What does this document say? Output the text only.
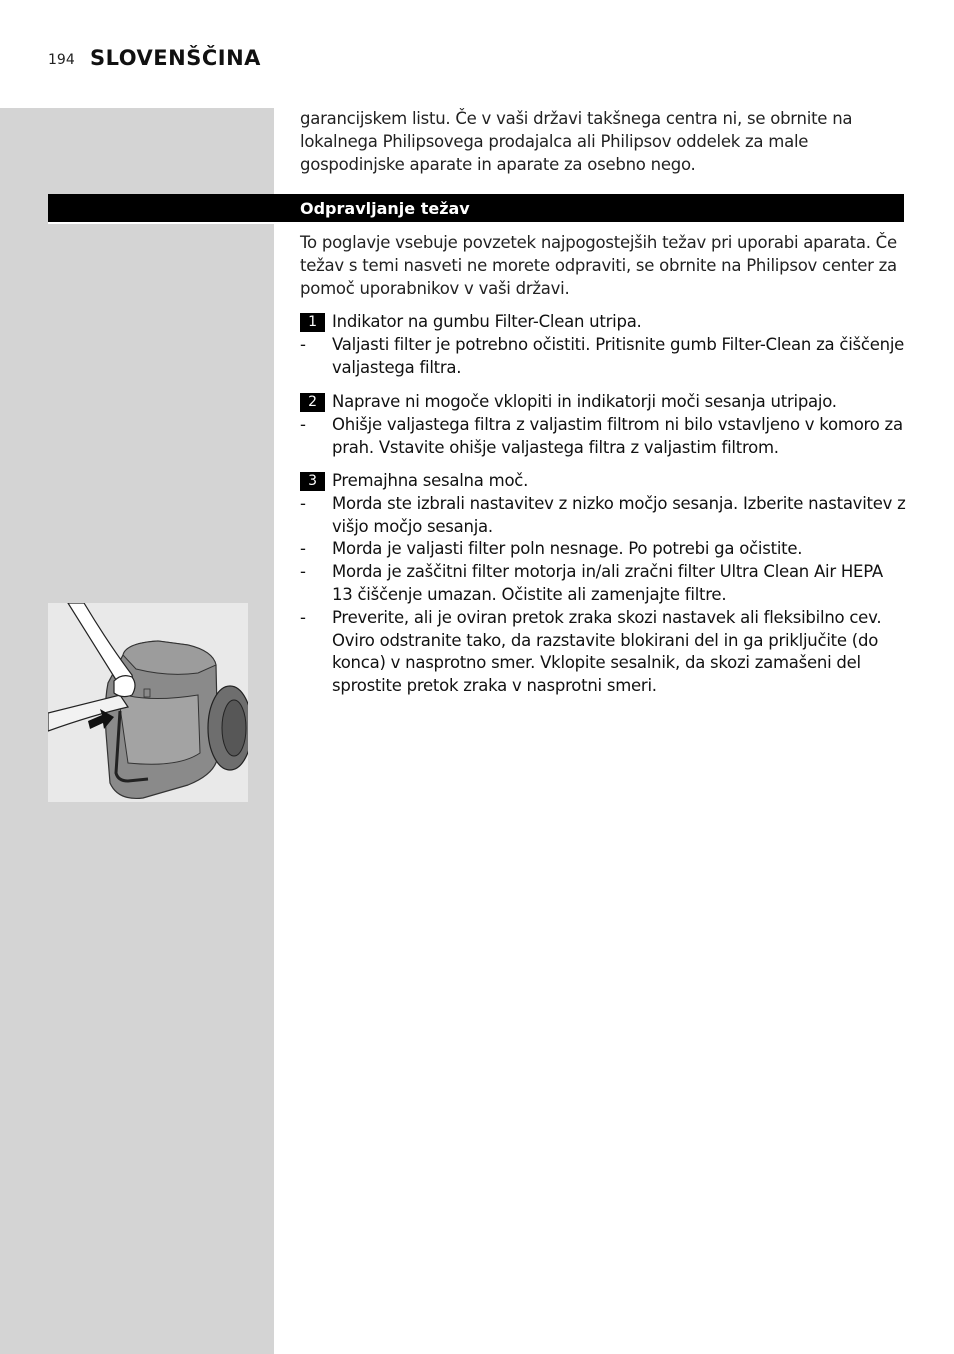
194 SLOVENŠČINA
garancijskem listu. Če v vaši državi takšnega centra ni, se obrnite na lokalnega Philipsovega prodajalca ali Philipsov oddelek za male gospodinjske aparate in aparate za osebno nego.
Odpravljanje težav
To poglavje vsebuje povzetek najpogostejših težav pri uporabi aparata. Če težav s temi nasveti ne morete odpraviti, se obrnite na Philipsov center za pomoč uporabnikov v vaši državi.
1 Indikator na gumbu Filter-Clean utripa.
- Valjasti filter je potrebno očistiti. Pritisnite gumb Filter-Clean za čiščenje valjastega filtra.
2 Naprave ni mogoče vklopiti in indikatorji moči sesanja utripajo.
- Ohišje valjastega filtra z valjastim filtrom ni bilo vstavljeno v komoro za prah. Vstavite ohišje valjastega filtra z valjastim filtrom.
3 Premajhna sesalna moč.
- Morda ste izbrali nastavitev z nizko močjo sesanja. Izberite nastavitev z višjo močjo sesanja.
- Morda je valjasti filter poln nesnage. Po potrebi ga očistite.
- Morda je zaščitni filter motorja in/ali zračni filter Ultra Clean Air HEPA 13 čiščenje umazan. Očistite ali zamenjajte filtre.
- Preverite, ali je oviran pretok zraka skozi nastavek ali fleksibilno cev. Oviro odstranite tako, da razstavite blokirani del in ga priključite (do konca) v nasprotno smer. Vklopite sesalnik, da skozi zamašeni del sprostite pretok zraka v nasprotni smeri.
